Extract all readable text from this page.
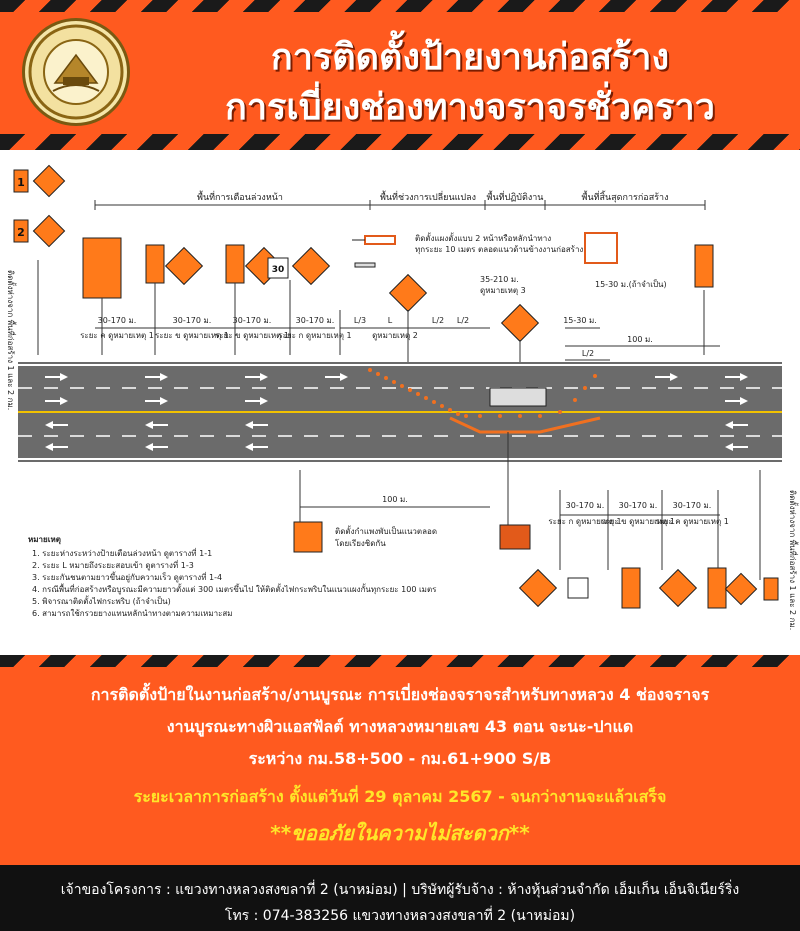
การติดตั้งป้ายงานก่อสร้าง
การเบี่ยงช่องทางจราจรชั่วคราว
พื้นที่การเตือนล่วงหน้า	พื้นที่ช่วงการเปลี่ยนแปลง พื้นที่ปฏิบัติงาน	พื้นที่สิ้นสุดการก่อสร้าง
1
2
ติดตั้งห่างจาก พื้นที่ก่อสร้าง 1 และ 2 กม.	30
ติดตั้งแผงตั้งแบบ 2 หน้าหรือหลักนำทาง
ทุกระยะ 10 เมตร ตลอดแนวด้านข้างงานก่อสร้าง
30-170 ม.
ระยะ ค ดูหมายเหตุ 1
30-170 ม.
ระยะ ข ดูหมายเหตุ 1
30-170 ม.
ระยะ ข ดูหมายเหตุ 1
30-170 ม.
ระยะ ก ดูหมายเหตุ 1
L/3	L
ดูหมายเหตุ 2
L/2 L/2
35-210 ม.
ดูหมายเหตุ 3
15-30 ม.(ถ้าจำเป็น)
15-30 ม.
100 ม.
L/2
100 ม.
ติดตั้งกำแพงพับเป็นแนวตลอด
โดยเรียงชิดกัน
30-170 ม.
ระยะ ก ดูหมายเหตุ 1
30-170 ม.
ระยะ ข ดูหมายเหตุ 1
30-170 ม.
ระยะ ค ดูหมายเหตุ 1	ติดตั้งห่างจาก พื้นที่ก่อสร้าง 1 และ 2 กม.
หมายเหตุ
1. ระยะห่างระหว่างป้ายเตือนล่วงหน้า ดูตารางที่ 1-1
2. ระยะ L หมายถึงระยะสอบเข้า ดูตารางที่ 1-3
3. ระยะกันชนตามยาวขึ้นอยู่กับความเร็ว ดูตารางที่ 1-4
4. กรณีพื้นที่ก่อสร้างหรือบูรณะมีความยาวตั้งแต่ 300 เมตรขึ้นไป ให้ติดตั้งไฟกระพริบในแนวแผงกั้นทุกระยะ 100 เมตร
5. พิจารณาติดตั้งไฟกระพริบ (ถ้าจำเป็น)
6. สามารถใช้กรวยยางแทนหลักนำทางตามความเหมาะสม
การติดตั้งป้ายในงานก่อสร้าง/งานบูรณะ การเบี่ยงช่องจราจรสำหรับทางหลวง 4 ช่องจราจร
งานบูรณะทางผิวแอสฟัลต์ ทางหลวงหมายเลข 43 ตอน จะนะ-ปาแด
ระหว่าง กม.58+500 - กม.61+900 S/B
ระยะเวลาการก่อสร้าง ตั้งแต่วันที่ 29 ตุลาคม 2567 - จนกว่างานจะแล้วเสร็จ
**ขออภัยในความไม่สะดวก**
เจ้าของโครงการ : แขวงทางหลวงสงขลาที่ 2 (นาหม่อม) | บริษัทผู้รับจ้าง : ห้างหุ้นส่วนจำกัด เอ็มเก็น เอ็นจิเนียร์ริ่ง
โทร : 074-383256 แขวงทางหลวงสงขลาที่ 2 (นาหม่อม)
